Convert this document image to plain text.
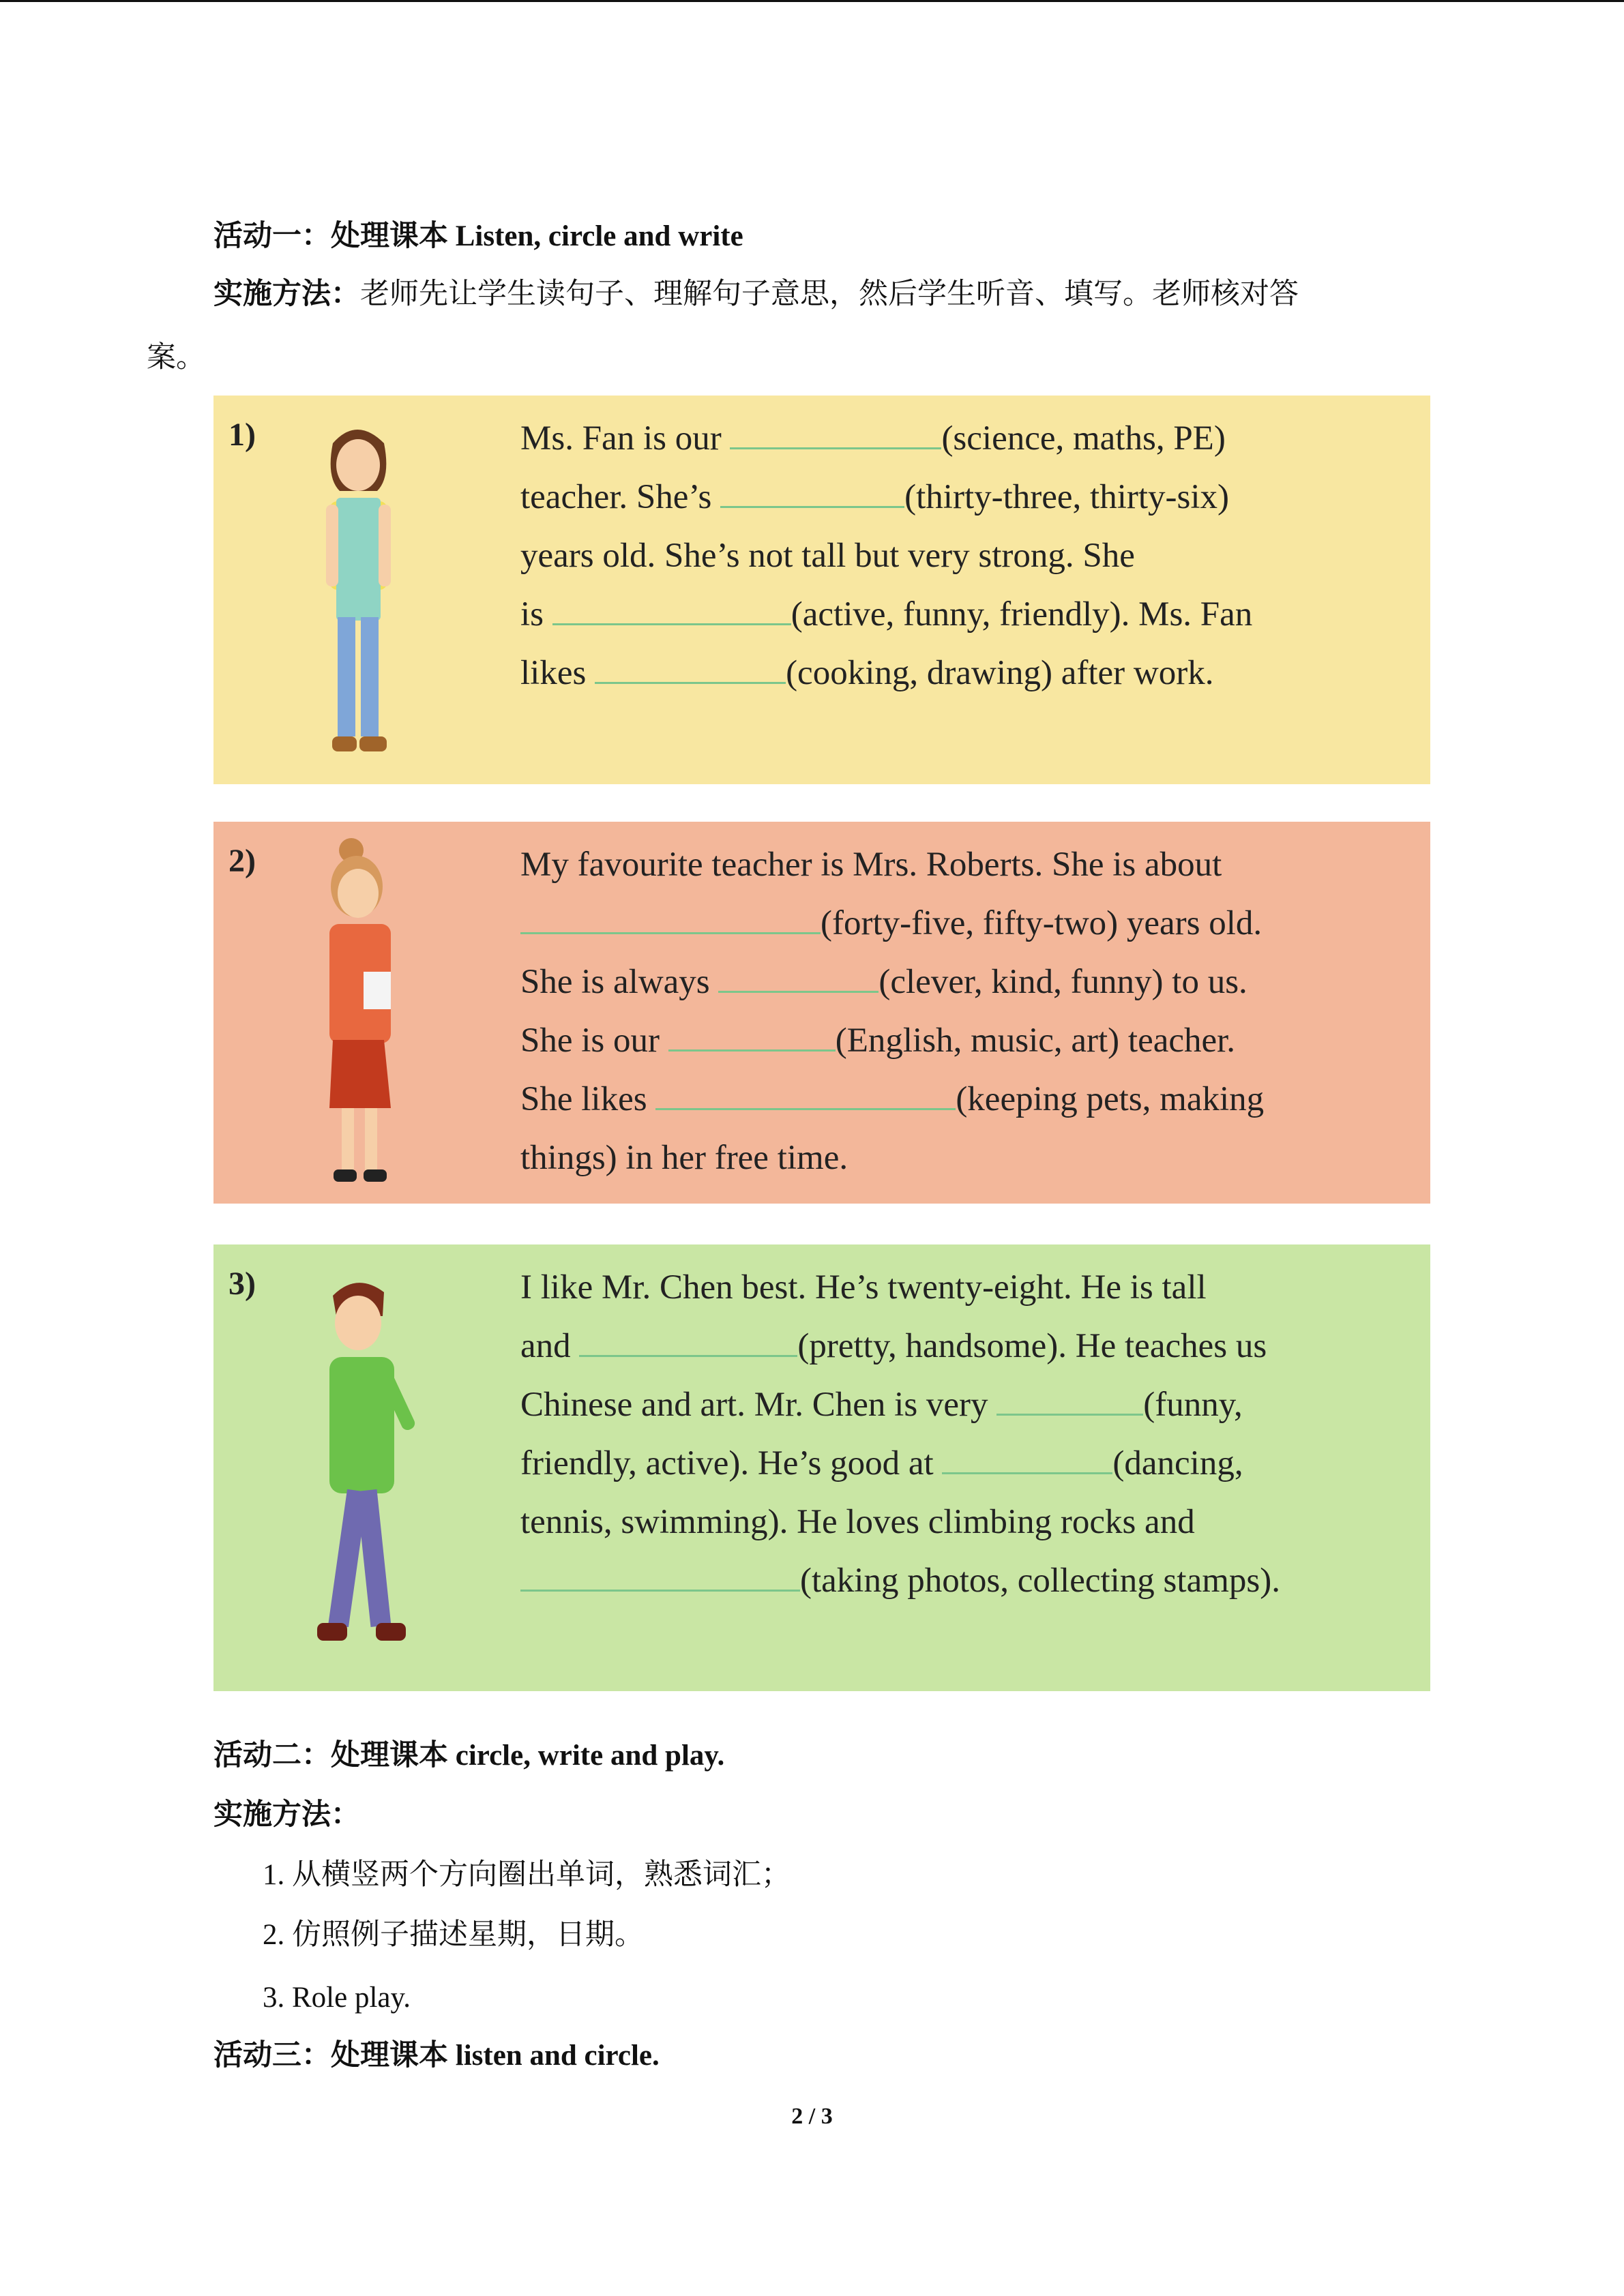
活动一：处理课本 Listen, circle and write
实施方法：老师先让学生读句子、理解句子意思，然后学生听音、填写。老师核对答
案。
1)	Ms. Fan is our	(science, maths, PE)
teacher. She’s	(thirty-three, thirty-six)
years old. She’s not tall but very strong. She
is	(active, funny, friendly). Ms. Fan
likes	(cooking, drawing) after work.
2)	My favourite teacher is Mrs. Roberts. She is about
(forty-five, fifty-two) years old.
She is always	(clever, kind, funny) to us.
She is our	(English, music, art) teacher.
She likes	(keeping pets, making
things) in her free time.
3)	I like Mr. Chen best. He’s twenty-eight. He is tall
and	(pretty, handsome). He teaches us
Chinese and art. Mr. Chen is very	(funny,
friendly, active). He’s good at	(dancing,
tennis, swimming). He loves climbing rocks and
(taking photos, collecting stamps).
活动二：处理课本 circle, write and play.
实施方法：
1. 从横竖两个方向圈出单词，熟悉词汇；
2. 仿照例子描述星期，日期。
3. Role play.
活动三：处理课本 listen and circle.
2 / 3
